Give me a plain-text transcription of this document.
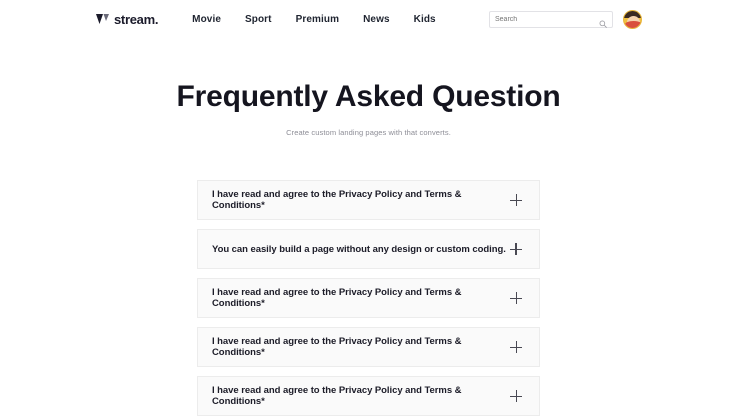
stream.	Movie Sport Premium News Kids
Search
Frequently Asked Question

Create custom landing pages with that converts.

I have read and agree to the Privacy Policy and Terms & Conditions*
You can easily build a page without any design or custom coding.
I have read and agree to the Privacy Policy and Terms & Conditions*
I have read and agree to the Privacy Policy and Terms & Conditions*
I have read and agree to the Privacy Policy and Terms & Conditions*
